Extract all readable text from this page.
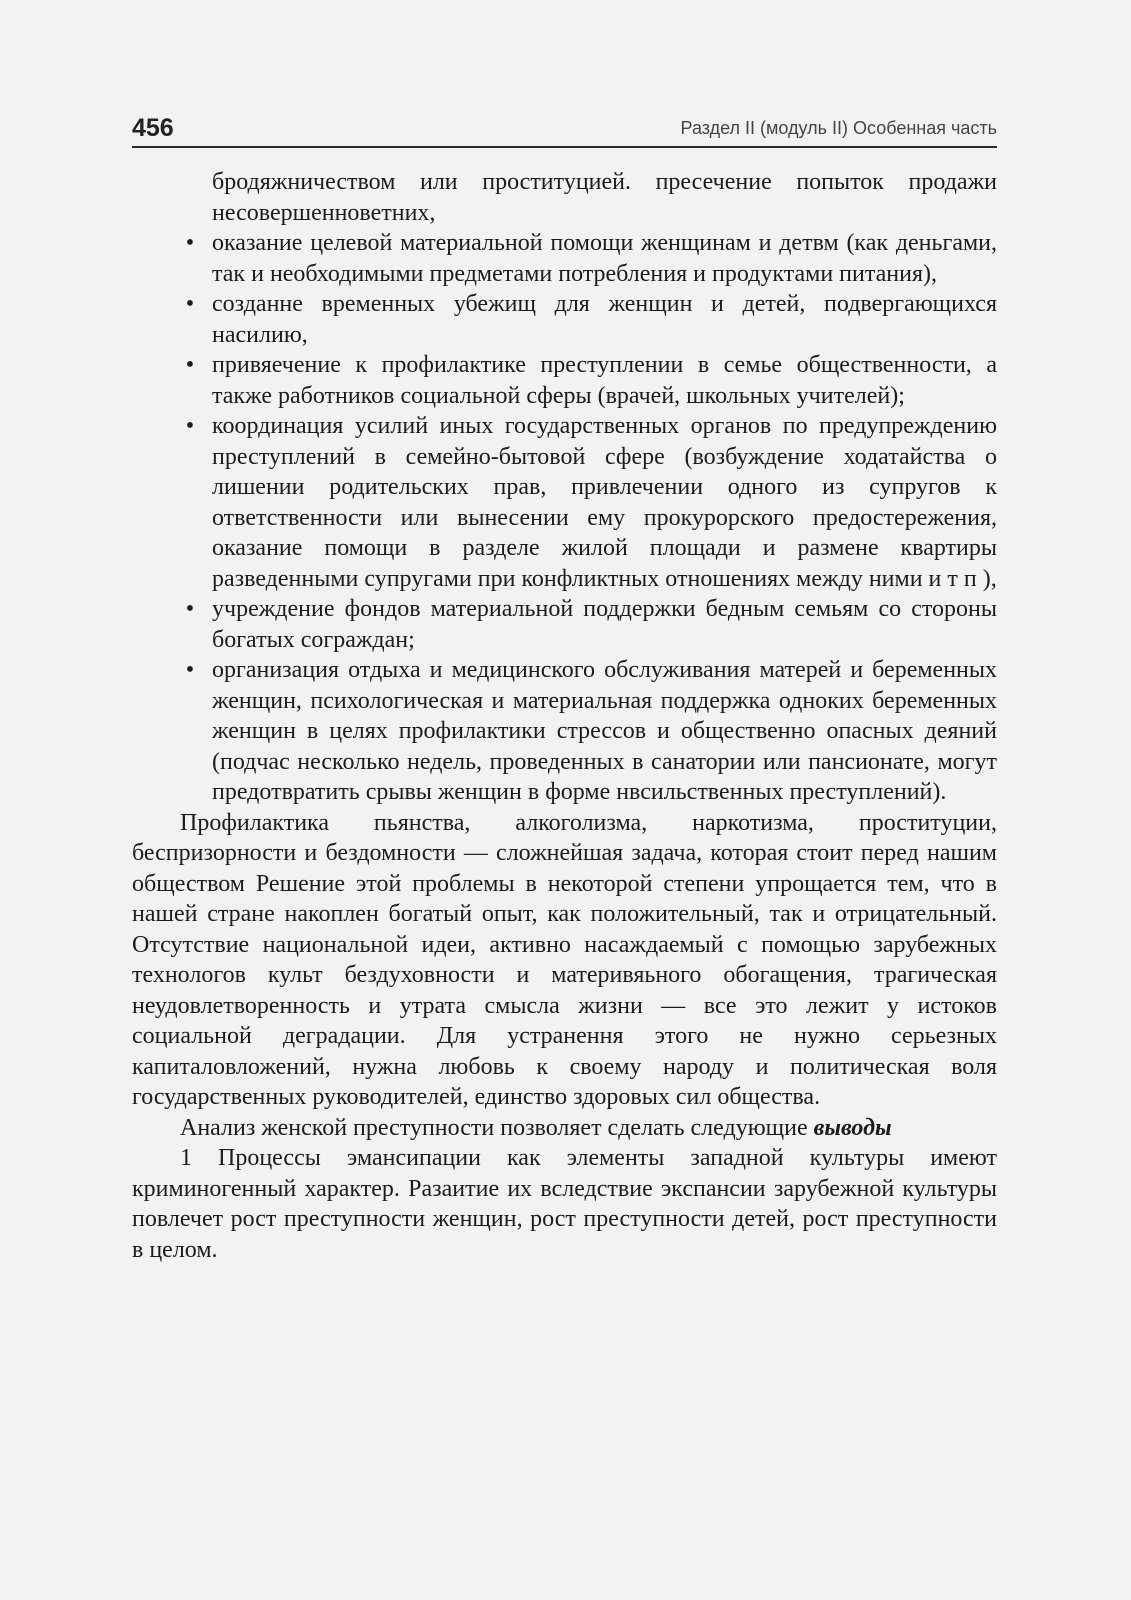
456	Раздел II (модуль II) Особенная часть
бродяжничеством или проституцией. пресечение попыток продажи несовершенноветних,
• оказание целевой материальной помощи женщинам и детвм (как деньгами, так и необходимыми предметами потребления и продуктами питания),
• созданне временных убежищ для женщин и детей, подвергающихся насилию,
• привяечение к профилактике преступлении в семье общественности, а также работников социальной сферы (врачей, школьных учителей);
• координация усилий иных государственных органов по предупреждению преступлений в семейно-бытовой сфере (возбуждение ходатайства о лишении родительских прав, привлечении одного из супругов к ответственности или вынесении ему прокурорского предостережения, оказание помощи в разделе жилой площади и размене квартиры разведенными супругами при конфликтных отношениях между ними и т п ),
• учреждение фондов материальной поддержки бедным семьям со стороны богатых сограждан;
• организация отдыха и медицинского обслуживания матерей и беременных женщин, психологическая и материальная поддержка одноких беременных женщин в целях профилактики стрессов и общественно опасных деяний (подчас несколько недель, проведенных в санатории или пансионате, могут предотвратить срывы женщин в форме нвсильственных преступлений).

Профилактика пьянства, алкоголизма, наркотизма, проституции, беспризорности и бездомности — сложнейшая задача, которая стоит перед нашим обществом Решение этой проблемы в некоторой степени упрощается тем, что в нашей стране накоплен богатый опыт, как положительный, так и отрицательный. Отсутствие национальной идеи, активно насаждаемый с помощью зарубежных технологов культ бездуховности и материвяьного обогащения, трагическая неудовлетворенность и утрата смысла жизни — все это лежит у истоков социальной деградации. Для устранення этого не нужно серьезных капиталовложений, нужна любовь к своему народу и политическая воля государственных руководителей, единство здоровых сил общества.

Анализ женской преступности позволяет сделать следующие выводы

1 Процессы эмансипации как элементы западной культуры имеют криминогенный характер. Разaитие их вследствие экспансии зарубежной культуры повлечет рост преступности женщин, рост преступности детей, рост преступности в целом.
